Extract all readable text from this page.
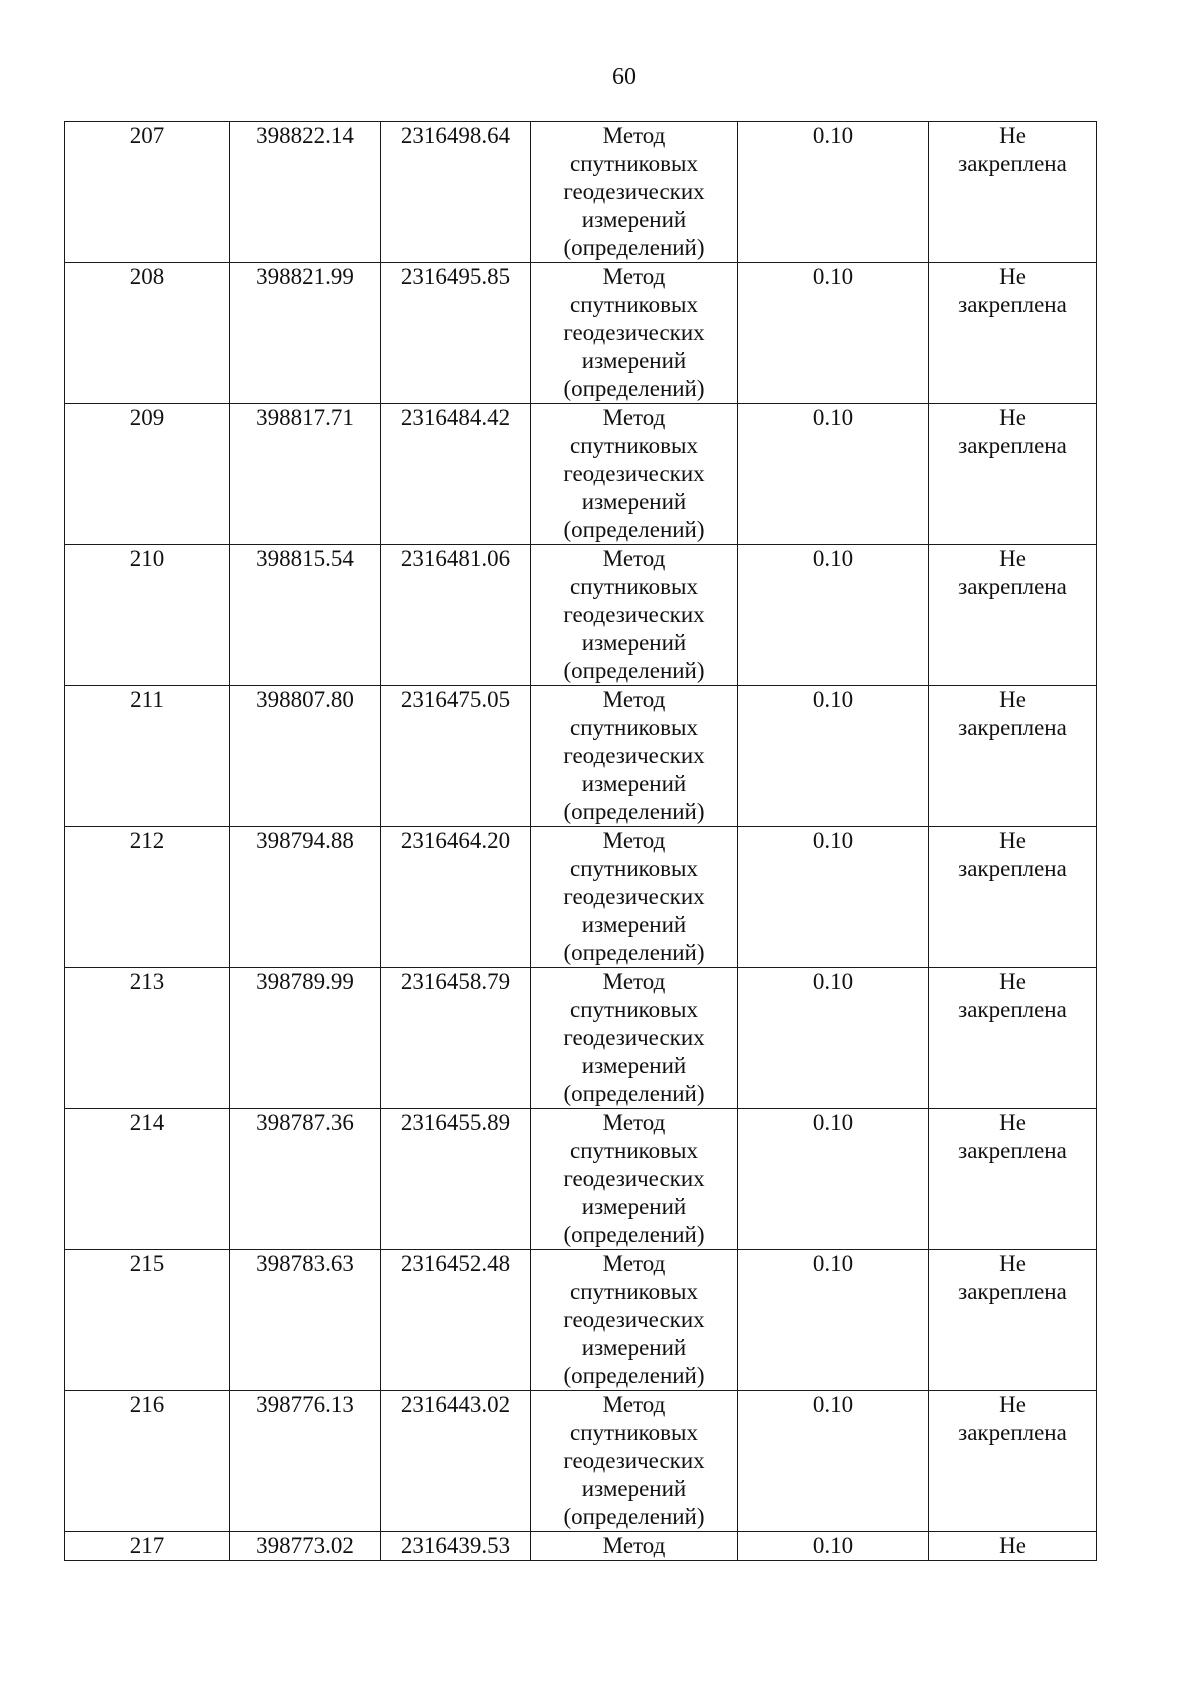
60
207	398822.14	2316498.64	Метод
спутниковых
геодезических
измерений
(определений)	0.10	Не
закреплена

208	398821.99	2316495.85	Метод
спутниковых
геодезических
измерений
(определений)	0.10	Не
закреплена

209	398817.71	2316484.42	Метод
спутниковых
геодезических
измерений
(определений)	0.10	Не
закреплена

210	398815.54	2316481.06	Метод
спутниковых
геодезических
измерений
(определений)	0.10	Не
закреплена

211	398807.80	2316475.05	Метод
спутниковых
геодезических
измерений
(определений)	0.10	Не
закреплена

212	398794.88	2316464.20	Метод
спутниковых
геодезических
измерений
(определений)	0.10	Не
закреплена

213	398789.99	2316458.79	Метод
спутниковых
геодезических
измерений
(определений)	0.10	Не
закреплена

214	398787.36	2316455.89	Метод
спутниковых
геодезических
измерений
(определений)	0.10	Не
закреплена

215	398783.63	2316452.48	Метод
спутниковых
геодезических
измерений
(определений)	0.10	Не
закреплена

216	398776.13	2316443.02	Метод
спутниковых
геодезических
измерений
(определений)	0.10	Не
закреплена

217	398773.02	2316439.53	Метод	0.10	Не
